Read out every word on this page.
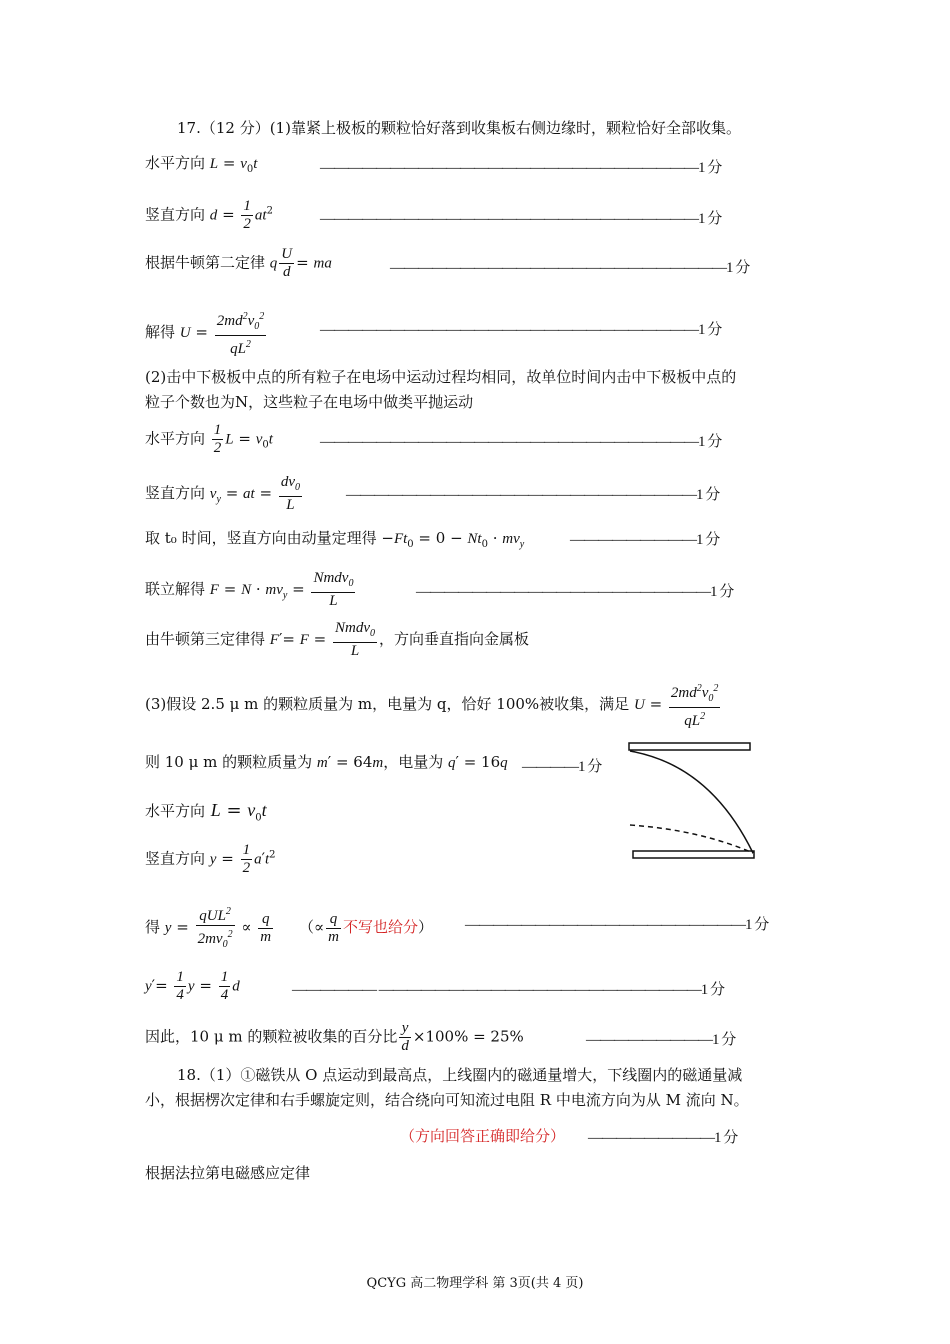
17.（12 分）(1)靠紧上极板的颗粒恰好落到收集板右侧边缘时，颗粒恰好全部收集。
水平方向 $L = v_0t$	———————————————————————————1 分
竖直方向 $d = \frac{1}{2} at^2$	———————————————————————————1 分
根据牛顿第二定律 q $\frac{U}{d}$ = ma	————————————————————————1 分
解得 $U = \frac{2md^2v_0^2}{qL^2}$	———————————————————————————1 分
(2)击中下极板中点的所有粒子在电场中运动过程均相同，故单位时间内击中下极板中点的
粒子个数也为N，这些粒子在电场中做类平抛运动
水平方向 $\frac{1}{2}$ $L = v_0t$	———————————————————————————1 分
竖直方向 $v_y$ = at = $\frac{dv_0}{L}$	—————————————————————————1 分
取 t₀ 时间，竖直方向由动量定理得 $-Ft_0 = 0 - Nt_0 \cdot mv_y$	—————————1 分
联立解得 $F = N \cdot mv_y = \frac{Nmdv_0}{L}$	—————————————————————1 分
由牛顿第三定律得 $F'= F = \frac{Nmdv_0}{L}$ ，方向垂直指向金属板
(3)假设 2.5 μ m 的颗粒质量为 m，电量为 q，恰好 100%被收集，满足 $U = \frac{2md^2v_0^2}{qL^2}$
则 10 μ m 的颗粒质量为 m′ = 64m，电量为 q′ = 16q ————1 分
水平方向 $L = v_0t$
竖直方向 $y = \frac{1}{2} a't^2$
得 $y = \frac{qUL^2}{2mv_0^2} \propto \frac{q}{m}$ （∝ $\frac{q}{m}$ 不写也给分） ————————————————————1 分
$y'= \frac{1}{4}$ $y = \frac{1}{4}$ d	—————— ———————————————————————1 分
因此，10 μ m 的颗粒被收集的百分比 $\frac{y}{d} \times 100\% = 25\%$	—————————1 分
18.（1）①磁铁从 O 点运动到最高点，上线圈内的磁通量增大，下线圈内的磁通量减
小，根据楞次定律和右手螺旋定则，结合绕向可知流过电阻 R 中电流方向为从 M 流向 N。
（方向回答正确即给分） —————————1 分
根据法拉第电磁感应定律
QCYG 高二物理学科 第 3页(共 4 页)
